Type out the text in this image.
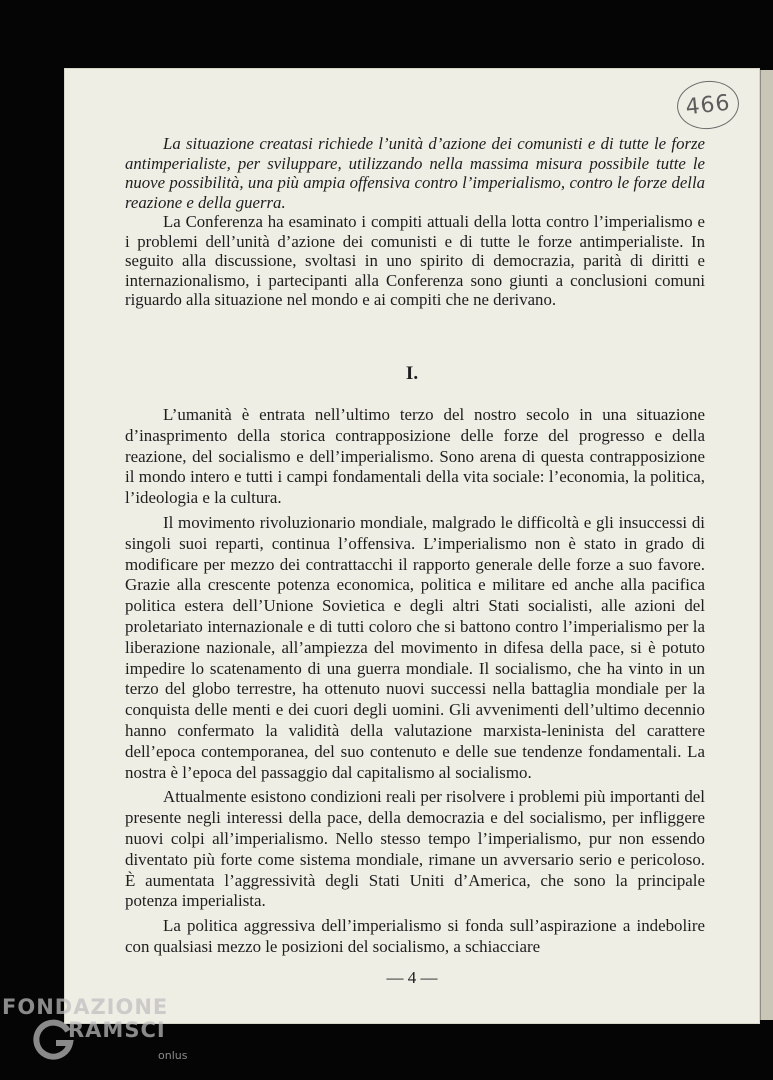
466

La situazione creatasi richiede l’unità d’azione dei comunisti e di tutte le forze antimperialiste, per sviluppare, utilizzando nella massima misura possibile tutte le nuove possibilità, una più ampia offensiva contro l’imperialismo, contro le forze della reazione e della guerra.

La Conferenza ha esaminato i compiti attuali della lotta contro l’imperialismo e i problemi dell’unità d’azione dei comunisti e di tutte le forze antimperialiste. In seguito alla discussione, svoltasi in uno spirito di democrazia, parità di diritti e internazionalismo, i partecipanti alla Conferenza sono giunti a conclusioni comuni riguardo alla situazione nel mondo e ai compiti che ne derivano.

I.

L’umanità è entrata nell’ultimo terzo del nostro secolo in una situazione d’inasprimento della storica contrapposizione delle forze del progresso e della reazione, del socialismo e dell’imperialismo. Sono arena di questa contrapposizione il mondo intero e tutti i campi fondamentali della vita sociale: l’economia, la politica, l’ideologia e la cultura.

Il movimento rivoluzionario mondiale, malgrado le difficoltà e gli insuccessi di singoli suoi reparti, continua l’offensiva. L’imperialismo non è stato in grado di modificare per mezzo dei contrattacchi il rapporto generale delle forze a suo favore. Grazie alla crescente potenza economica, politica e militare ed anche alla pacifica politica estera dell’Unione Sovietica e degli altri Stati socialisti, alle azioni del proletariato internazionale e di tutti coloro che si battono contro l’imperialismo per la liberazione nazionale, all’ampiezza del movimento in difesa della pace, si è potuto impedire lo scatenamento di una guerra mondiale. Il socialismo, che ha vinto in un terzo del globo terrestre, ha ottenuto nuovi successi nella battaglia mondiale per la conquista delle menti e dei cuori degli uomini. Gli avvenimenti dell’ultimo decennio hanno confermato la validità della valutazione marxista-leninista del carattere dell’epoca contemporanea, del suo contenuto e delle sue tendenze fondamentali. La nostra è l’epoca del passaggio dal capitalismo al socialismo.

Attualmente esistono condizioni reali per risolvere i problemi più importanti del presente negli interessi della pace, della democrazia e del socialismo, per infliggere nuovi colpi all’imperialismo. Nello stesso tempo l’imperialismo, pur non essendo diventato più forte come sistema mondiale, rimane un avversario serio e pericoloso. È aumentata l’aggressività degli Stati Uniti d’America, che sono la principale potenza imperialista.

La politica aggressiva dell’imperialismo si fonda sull’aspirazione a indebolire con qualsiasi mezzo le posizioni del socialismo, a schiacciare

— 4 —
FONDAZIONE
RAMSCI
onlus
